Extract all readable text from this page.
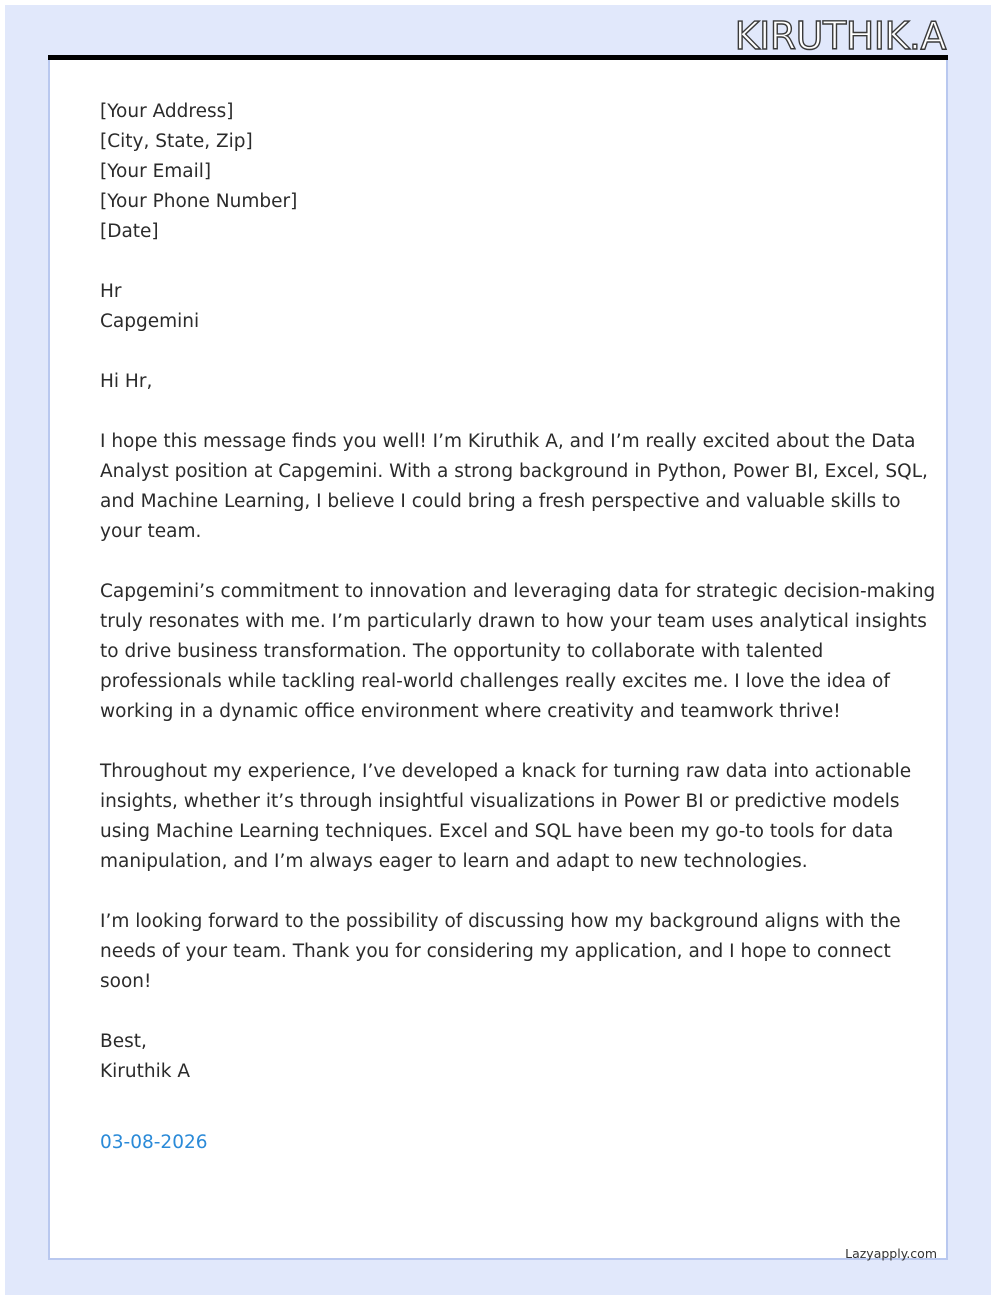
KIRUTHIK.A
[Your Address]
[City, State, Zip]
[Your Email]
[Your Phone Number]
[Date]
Hr
Capgemini
Hi Hr,

I hope this message finds you well! I’m Kiruthik A, and I’m really excited about the Data
Analyst position at Capgemini. With a strong background in Python, Power BI, Excel, SQL,
and Machine Learning, I believe I could bring a fresh perspective and valuable skills to
your team.

Capgemini’s commitment to innovation and leveraging data for strategic decision-making
truly resonates with me. I’m particularly drawn to how your team uses analytical insights
to drive business transformation. The opportunity to collaborate with talented
professionals while tackling real-world challenges really excites me. I love the idea of
working in a dynamic office environment where creativity and teamwork thrive!

Throughout my experience, I’ve developed a knack for turning raw data into actionable
insights, whether it’s through insightful visualizations in Power BI or predictive models
using Machine Learning techniques. Excel and SQL have been my go-to tools for data
manipulation, and I’m always eager to learn and adapt to new technologies.

I’m looking forward to the possibility of discussing how my background aligns with the
needs of your team. Thank you for considering my application, and I hope to connect
soon!

Best,
Kiruthik A
03-08-2026
Lazyapply.com
